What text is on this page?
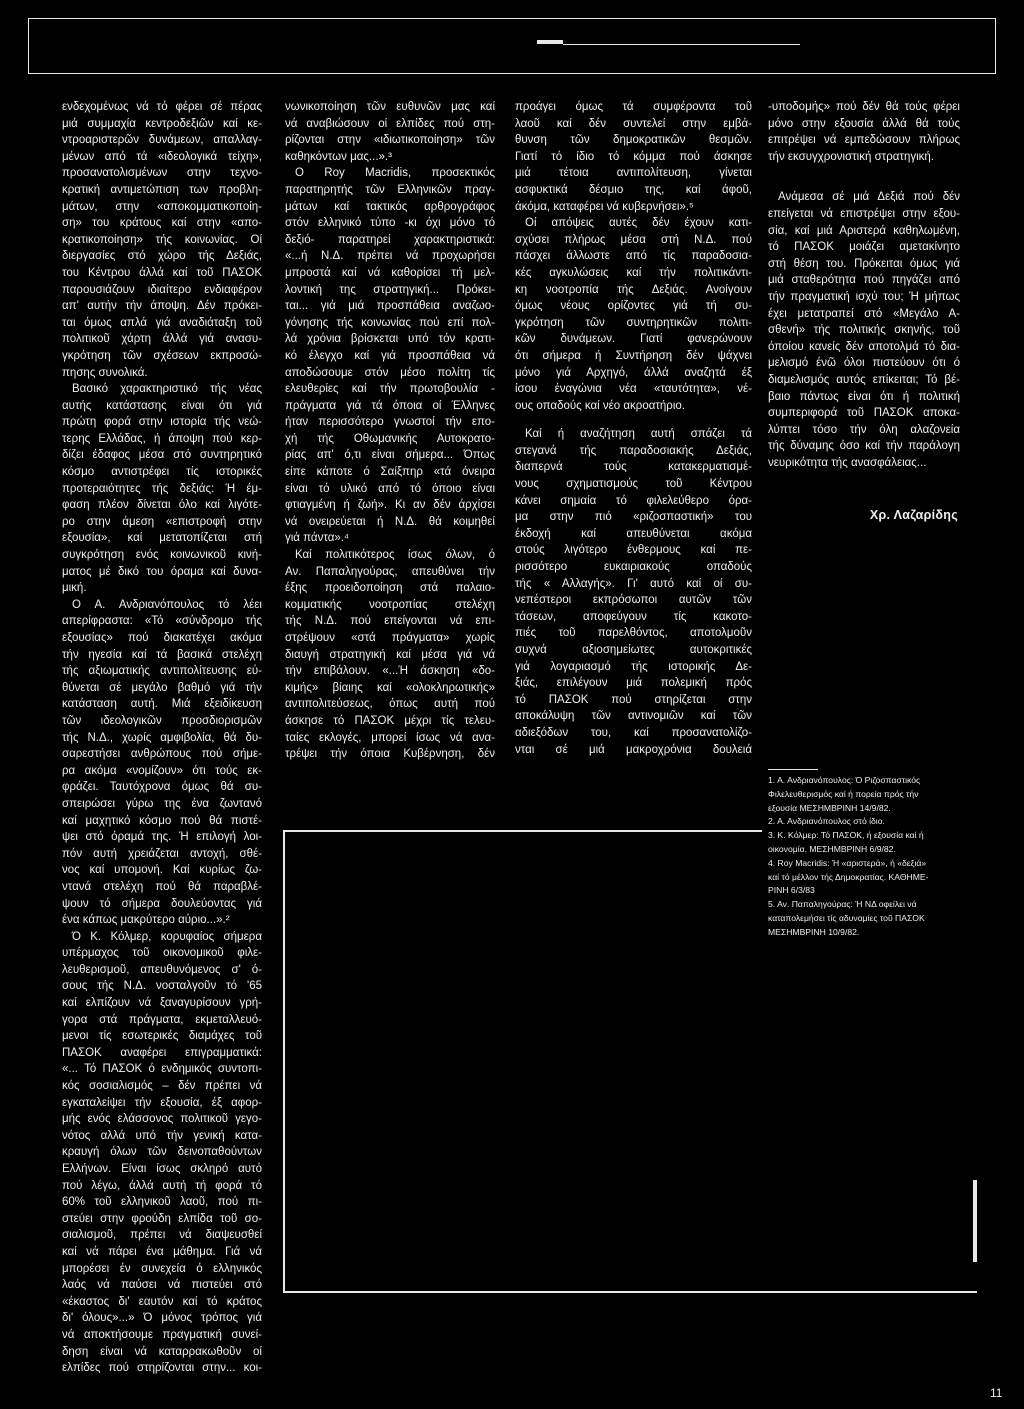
ενδεχομένως νά τό φέρει σέ πέρας
μιά συμμαχία κεντροδεξιῶν καί κε-
ντροαριστερῶν δυνάμεων, απαλλαγ-
μένων από τά «ιδεολογικά τείχη»,
προσανατολισμένων στην τεχνο-
κρατική αντιμετώπιση των προβλη-
μάτων, στην «αποκομματικοποίη-
ση» του κράτους καί στην «απο-
κρατικοποίηση» τής κοινωνίας. Οί
διεργασίες στό χώρο τής Δεξιάς,
του Κέντρου άλλά καί τοῦ ΠΑΣΟΚ
παρουσιάζουν ιδιαίτερο ενδιαφέρον
απ' αυτήν τήν άποψη. Δέν πρόκει-
ται όμως απλά γιά αναδιάταξη τοῦ
πολιτικοῦ χάρτη άλλά γιά ανασυ-
γκρότηση τῶν σχέσεων εκπροσώ-
πησης συνολικά.
Βασικό χαρακτηριστικό τής νέας
αυτής κατάστασης είναι ότι γιά
πρώτη φορά στην ιστορία τής νεώ-
τερης Ελλάδας, ή άποψη πού κερ-
δίζει έδαφος μέσα στό συντηρητικό
κόσμο αντιστρέφει τίς ιστορικές
προτεραιότητες τής δεξιάς: Ή έμ-
φαση πλέον δίνεται όλο καί λιγότε-
ρο στην άμεση «επιστροφή στην
εξουσία», καί μετατοπίζεται στή
συγκρότηση ενός κοινωνικοῦ κινή-
ματος μέ δικό του όραμα καί δυνα-
μική.
Ο Α. Ανδριανόπουλος τό λέει
απερίφραστα: «Τό «σύνδρομο τής
εξουσίας» πού διακατέχει ακόμα
τήν ηγεσία καί τά βασικά στελέχη
τής αξιωματικής αντιπολίτευσης εὐ-
θύνεται σέ μεγάλο βαθμό γιά τήν
κατάσταση αυτή. Μιά εξειδίκευση
τῶν ιδεολογικῶν προσδιορισμῶν
τής Ν.Δ., χωρίς αμφιβολία, θά δυ-
σαρεστήσει ανθρώπους πού σήμε-
ρα ακόμα «νομίζουν» ότι τούς εκ-
φράζει. Ταυτόχρονα όμως θά συ-
σπειρώσει γύρω της ένα ζωντανό
καί μαχητικό κόσμο πού θά πιστέ-
ψει στό όραμά της. Ή επιλογή λοι-
πόν αυτή χρειάζεται αντοχή, σθέ-
νος καί υπομονή. Καί κυρίως ζω-
ντανά στελέχη πού θά παραβλέ-
ψουν τό σήμερα δουλεύοντας γιά
ένα κάπως μακρύτερο αύριο...».²
Ό Κ. Κόλμερ, κορυφαίος σήμερα
υπέρμαχος τοῦ οικονομικοῦ φιλε-
λευθερισμοῦ, απευθυνόμενος σ' ό-
σους τής Ν.Δ. νοσταλγοῦν τό '65
καί ελπίζουν νά ξαναγυρίσουν γρή-
γορα στά πράγματα, εκμεταλλευό-
μενοι τίς εσωτερικές διαμάχες τοῦ
ΠΑΣΟΚ αναφέρει επιγραμματικά:
«... Τό ΠΑΣΟΚ ό ενδημικός συντοπι-
κός σοσιαλισμός – δέν πρέπει νά
εγκαταλείψει τήν εξουσία, έξ αφορ-
μής ενός ελάσσονος πολιτικοῦ γεγο-
νότος αλλά υπό τήν γενική κατα-
κραυγή όλων τῶν δεινοπαθούντων
Ελλήνων. Είναι ίσως σκληρό αυτό
πού λέγω, άλλά αυτή τή φορά τό
60% τοῦ ελληνικοῦ λαοῦ, πού πι-
στεύει στην φρούδη ελπίδα τοῦ σο-
σιαλισμοῦ, πρέπει νά διαψευσθεί
καί νά πάρει ένα μάθημα. Γιά νά
μπορέσει έν συνεχεία ό ελληνικός
λαός νά παύσει νά πιστεύει στό
«έκαστος δι' εαυτόν καί τό κράτος
δι' όλους»...» Ό μόνος τρόπος γιά
νά αποκτήσουμε πραγματική συνεί-
δηση είναι νά καταρρακωθοῦν οί
ελπίδες πού στηρίζονται στην... κοι-
νωνικοποίηση τῶν ευθυνῶν μας καί
νά αναβιώσουν οί ελπίδες πού στη-
ρίζονται στην «ιδιωτικοποίηση» τῶν
καθηκόντων μας...».³
Ο Roy Macridis, προσεκτικός
παρατηρητής τῶν Ελληνικῶν πραγ-
μάτων καί τακτικός αρθρογράφος
στόν ελληνικό τύπο -κι όχι μόνο τό
δεξιό- παρατηρεί χαρακτηριστικά:
«...ή Ν.Δ. πρέπει νά προχωρήσει
μπροστά καί νά καθορίσει τή μελ-
λοντική της στρατηγική... Πρόκει-
ται... γιά μιά προσπάθεια αναζωο-
γόνησης τής κοινωνίας πού επί πολ-
λά χρόνια βρίσκεται υπό τόν κρατι-
κό έλεγχο καί γιά προσπάθεια νά
αποδώσουμε στόν μέσο πολίτη τίς
ελευθερίες καί τήν πρωτοβουλία -
πράγματα γιά τά όποια οί Έλληνες
ήταν περισσότερο γνωστοί τήν επο-
χή τής Οθωμανικής Αυτοκρατο-
ρίας απ' ό,τι είναι σήμερα... Όπως
είπε κάποτε ό Σαίξπηρ «τά όνειρα
είναι τό υλικό από τό όποιο είναι
φτιαγμένη ή ζωή». Κι αν δέν άρχίσει
νά ονειρεύεται ή Ν.Δ. θά κοιμηθεί
γιά πάντα».⁴
Καί πολιτικότερος ίσως όλων, ό
Αν. Παπαληγούρας, απευθύνει τήν
έξης προειδοποίηση στά παλαιο-
κομματικής νοοτροπίας στελέχη
τής Ν.Δ. πού επείγονται νά επι-
στρέψουν «στά πράγματα» χωρίς
διαυγή στρατηγική καί μέσα γιά νά
τήν επιβάλουν. «...Ή άσκηση «δο-
κιμής» βίαιης καί «ολοκληρωτικής»
αντιπολιτεύσεως, όπως αυτή πού
άσκησε τό ΠΑΣΟΚ μέχρι τίς τελευ-
ταίες εκλογές, μπορεί ίσως νά ανα-
τρέψει τήν όποια Κυβέρνηση, δέν
προάγει όμως τά συμφέροντα τοῦ
λαοῦ καί δέν συντελεί στην εμβά-
θυνση τῶν δημοκρατικῶν θεσμῶν.
Γιατί τό ίδιο τό κόμμα πού άσκησε
μιά τέτοια αντιπολίτευση, γίνεται
ασφυκτικά δέσμιο της, καί άφοῦ,
άκόμα, καταφέρει νά κυβερνήσει».⁵
Οί απόψεις αυτές δέν έχουν κατι-
σχύσει πλήρως μέσα στή Ν.Δ. πού
πάσχει άλλωστε από τίς παραδοσια-
κές αγκυλώσεις καί τήν πολιτικάντι-
κη νοοτροπία τής Δεξιάς. Ανοίγουν
όμως νέους ορίζοντες γιά τή συ-
γκρότηση τῶν συντηρητικῶν πολιτι-
κῶν δυνάμεων. Γιατί φανερώνουν
ότι σήμερα ή Συντήρηση δέν ψάχνει
μόνο γιά Αρχηγό, άλλά αναζητά έξ
ίσου έναγώνια νέα «ταυτότητα», νέ-
ους οπαδούς καί νέο ακροατήριο.
Καί ή αναζήτηση αυτή σπάζει τά
στεγανά τής παραδοσιακής Δεξιάς,
διαπερνά τούς κατακερματισμέ-
νους σχηματισμούς τοῦ Κέντρου
κάνει σημαία τό φιλελεύθερο όρα-
μα στην πιό «ριζοσπαστική» του
έκδοχή καί απευθύνεται ακόμα
στούς λιγότερο ένθερμους καί πε-
ρισσότερο ευκαιριακούς οπαδούς
τής « Αλλαγής». Γι' αυτό καί οί συ-
νεπέστεροι εκπρόσωποι αυτῶν τῶν
τάσεων, αποφεύγουν τίς κακοτο-
πιές τοῦ παρελθόντος, αποτολμοῦν
συχνά αξιοσημείωτες αυτοκριτικές
γιά λογαριασμό τής ιστορικής Δε-
ξιάς, επιλέγουν μιά πολεμική πρός
τό ΠΑΣΟΚ πού στηρίζεται στην
αποκάλυψη τῶν αντινομιῶν καί τῶν
αδιεξόδων του, καί προσανατολίζο-
νται σέ μιά μακροχρόνια δουλειά
-υποδομής» πού δέν θά τούς φέρει
μόνο στην εξουσία άλλά θά τούς
επιτρέψει νά εμπεδώσουν πλήρως
τήν εκσυγχρονιστική στρατηγική.
Ανάμεσα σέ μιά Δεξιά πού δέν
επείγεται νά επιστρέψει στην εξου-
σία, καί μιά Αριστερά καθηλωμένη,
τό ΠΑΣΟΚ μοιάζει αμετακίνητο
στή θέση του. Πρόκειται όμως γιά
μιά σταθερότητα πού πηγάζει από
τήν πραγματική ισχύ του; Ή μήπως
έχει μετατραπεί στό «Μεγάλο Α-
σθενή» τής πολιτικής σκηνής, τοῦ
όποίου κανείς δέν αποτολμά τό δια-
μελισμό ένῶ όλοι πιστεύουν ότι ό
διαμελισμός αυτός επίκειται; Τό βέ-
βαιο πάντως είναι ότι ή πολιτική
συμπεριφορά τοῦ ΠΑΣΟΚ αποκα-
λύπτει τόσο τήν όλη αλαζονεία
τής δύναμης όσο καί τήν παράλογη
νευρικότητα τής ανασφάλειας...
Χρ. Λαζαρίδης
1. Α. Ανδριανόπουλος: Ό Ριζοσπαστικός
Φιλελευθερισμός καί ή πορεία πρός τήν
εξουσία ΜΕΣΗΜΒΡΙΝΗ 14/9/82.
2. Α. Ανδριανόπουλος στό ίδιο.
3. Κ. Κόλμερ: Τό ΠΑΣΟΚ, ή εξουσία καί ή
οικονομία. ΜΕΣΗΜΒΡΙΝΗ 6/9/82.
4. Roy Macridis: Ή «αριστερά», ή «δεξιά»
καί τό μέλλον τής Δημοκρατίας. ΚΑΘΗΜΕ-
ΡΙΝΗ 6/3/83
5. Αν. Παπαληγούρας: Ή ΝΔ οφείλει νά
καταπολεμήσει τίς αδυναμίες τοῦ ΠΑΣΟΚ
ΜΕΣΗΜΒΡΙΝΗ 10/9/82.
11
